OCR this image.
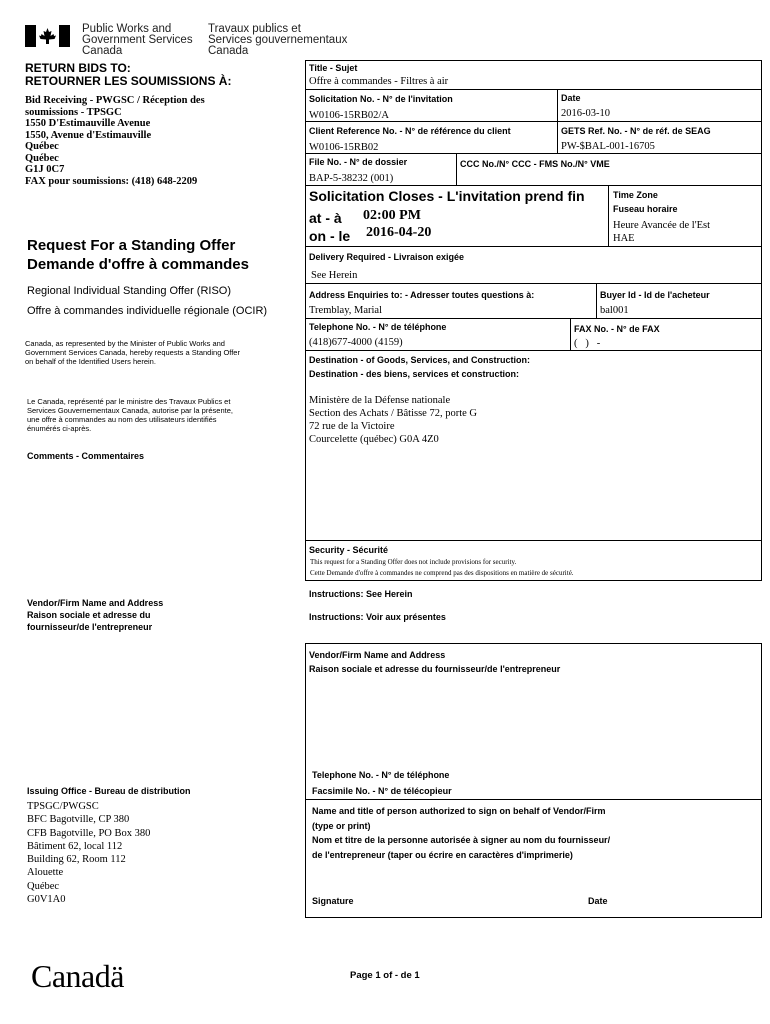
Public Works and
Government Services
Canada
Travaux publics et
Services gouvernementaux
Canada
RETURN BIDS TO:
RETOURNER LES SOUMISSIONS À:
Bid Receiving - PWGSC / Réception des
soumissions - TPSGC
1550 D'Estimauville Avenue
1550, Avenue d'Estimauville
Québec
Québec
G1J 0C7
FAX pour soumissions: (418) 648-2209
Request For a Standing Offer
Demande d'offre à commandes
Regional Individual Standing Offer (RISO)
Offre à commandes individuelle régionale (OCIR)
Canada, as represented by the Minister of Public Works and
Government Services Canada, hereby requests a Standing Offer
on behalf of the Identified Users herein.
Le Canada, représenté par le ministre des Travaux Publics et
Services Gouvernementaux Canada, autorise par la présente,
une offre à commandes au nom des utilisateurs identifiés
énumérés ci-après.
Comments - Commentaires
Vendor/Firm Name and Address
Raison sociale et adresse du
fournisseur/de l'entrepreneur
Issuing Office - Bureau de distribution
TPSGC/PWGSC
BFC Bagotville, CP 380
CFB Bagotville, PO Box 380
Bâtiment 62, local 112
Building 62, Room 112
Alouette
Québec
G0V1A0
Title - Sujet
Offre à commandes - Filtres à air
Solicitation No. - N° de l'invitation
W0106-15RB02/A
Date
2016-03-10
Client Reference No. - N° de référence du client
W0106-15RB02
GETS Ref. No. - N° de réf. de SEAG
PW-$BAL-001-16705
File No. - N° de dossier
BAP-5-38232 (001)
CCC No./N° CCC - FMS No./N° VME
Solicitation Closes - L'invitation prend fin
at - à 02:00 PM
on - le 2016-04-20
Time Zone
Fuseau horaire
Heure Avancée de l'Est
HAE
Delivery Required - Livraison exigée
See Herein
Address Enquiries to: - Adresser toutes questions à:
Tremblay, Marial
Buyer Id - Id de l'acheteur
bal001
Telephone No. - N° de téléphone
(418)677-4000 (4159)
FAX No. - N° de FAX
(   )   -
Destination - of Goods, Services, and Construction:
Destination - des biens, services et construction:
Ministère de la Défense nationale
Section des Achats / Bâtisse 72, porte G
72 rue de la Victoire
Courcelette (québec) G0A 4Z0
Security - Sécurité
This request for a Standing Offer does not include provisions for security.
Cette Demande d'offre à commandes ne comprend pas des dispositions en matière de sécurité.
Instructions: See Herein
Instructions: Voir aux présentes
Vendor/Firm Name and Address
Raison sociale et adresse du fournisseur/de l'entrepreneur
Telephone No. - N° de téléphone
Facsimile No. - N° de télécopieur
Name and title of person authorized to sign on behalf of Vendor/Firm
(type or print)
Nom et titre de la personne autorisée à signer au nom du fournisseur/
de l'entrepreneur (taper ou écrire en caractères d'imprimerie)
Signature	Date
Canadä	Page 1 of - de 1
